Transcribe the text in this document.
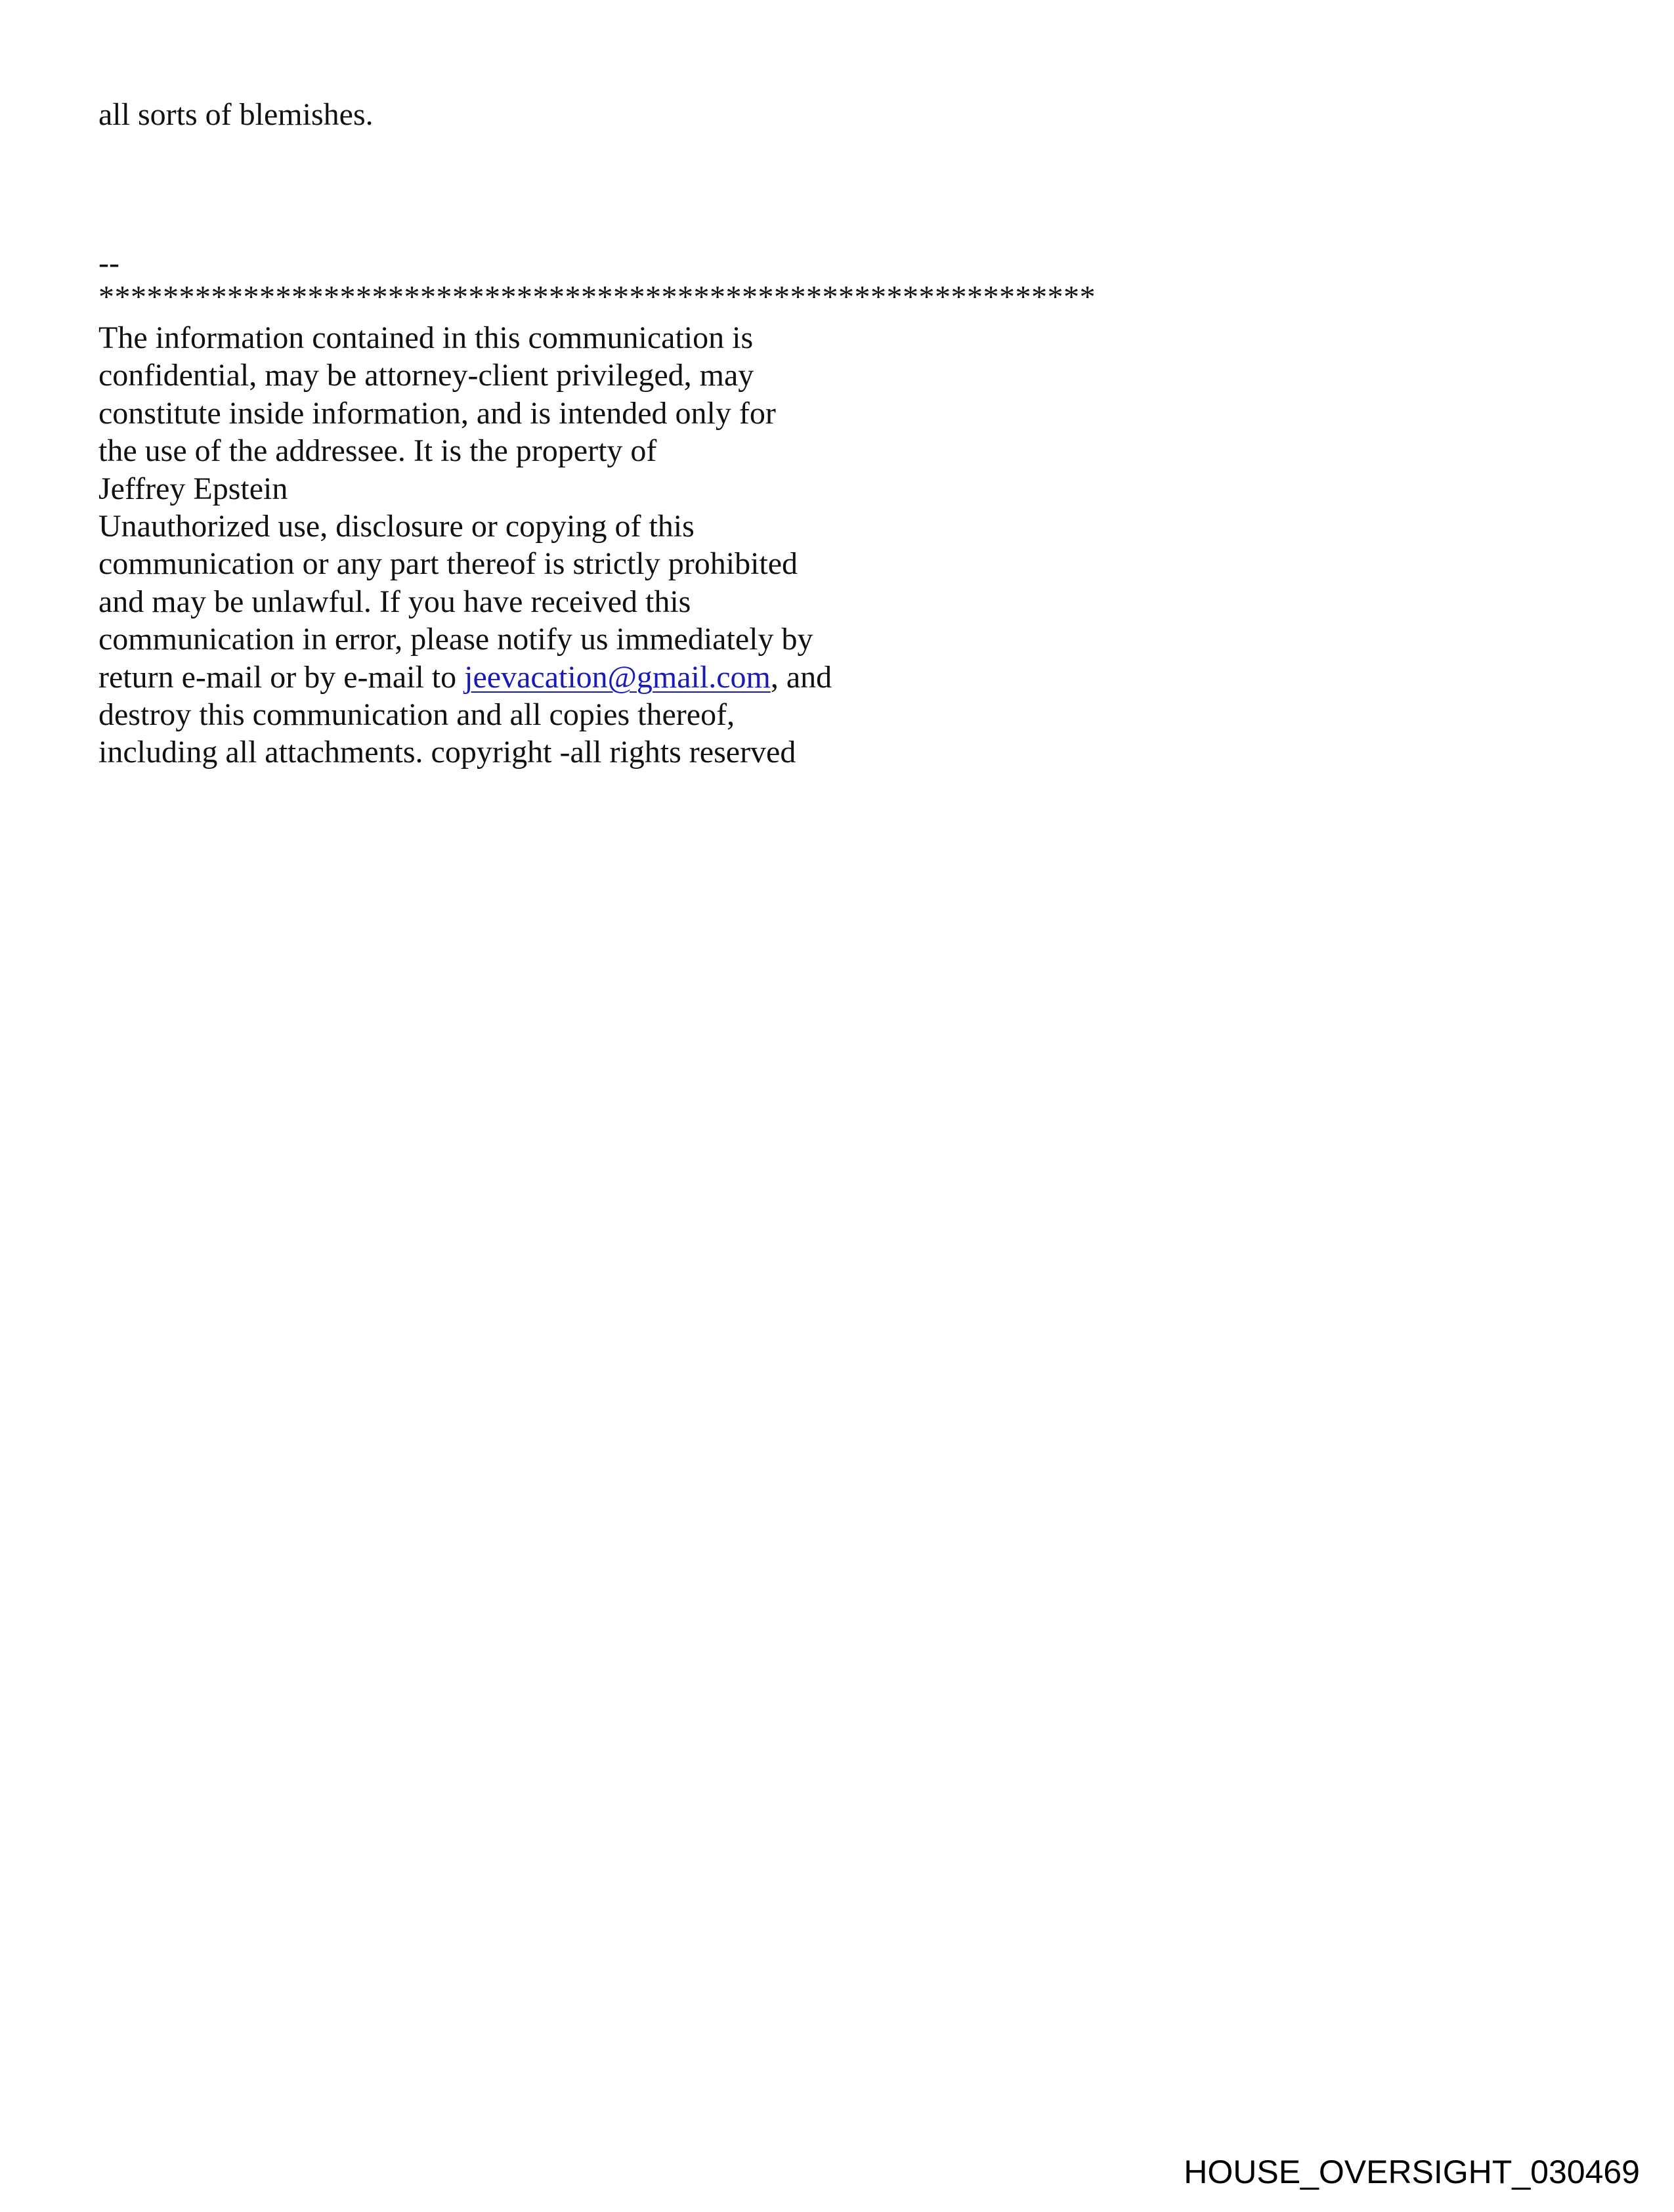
all sorts of blemishes.
--
**************************************************************
The information contained in this communication is
confidential, may be attorney-client privileged, may
constitute inside information, and is intended only for
the use of the addressee. It is the property of
Jeffrey Epstein
Unauthorized use, disclosure or copying of this
communication or any part thereof is strictly prohibited
and may be unlawful. If you have received this
communication in error, please notify us immediately by
return e-mail or by e-mail to jeevacation@gmail.com, and
destroy this communication and all copies thereof,
including all attachments. copyright -all rights reserved
HOUSE_OVERSIGHT_030469
